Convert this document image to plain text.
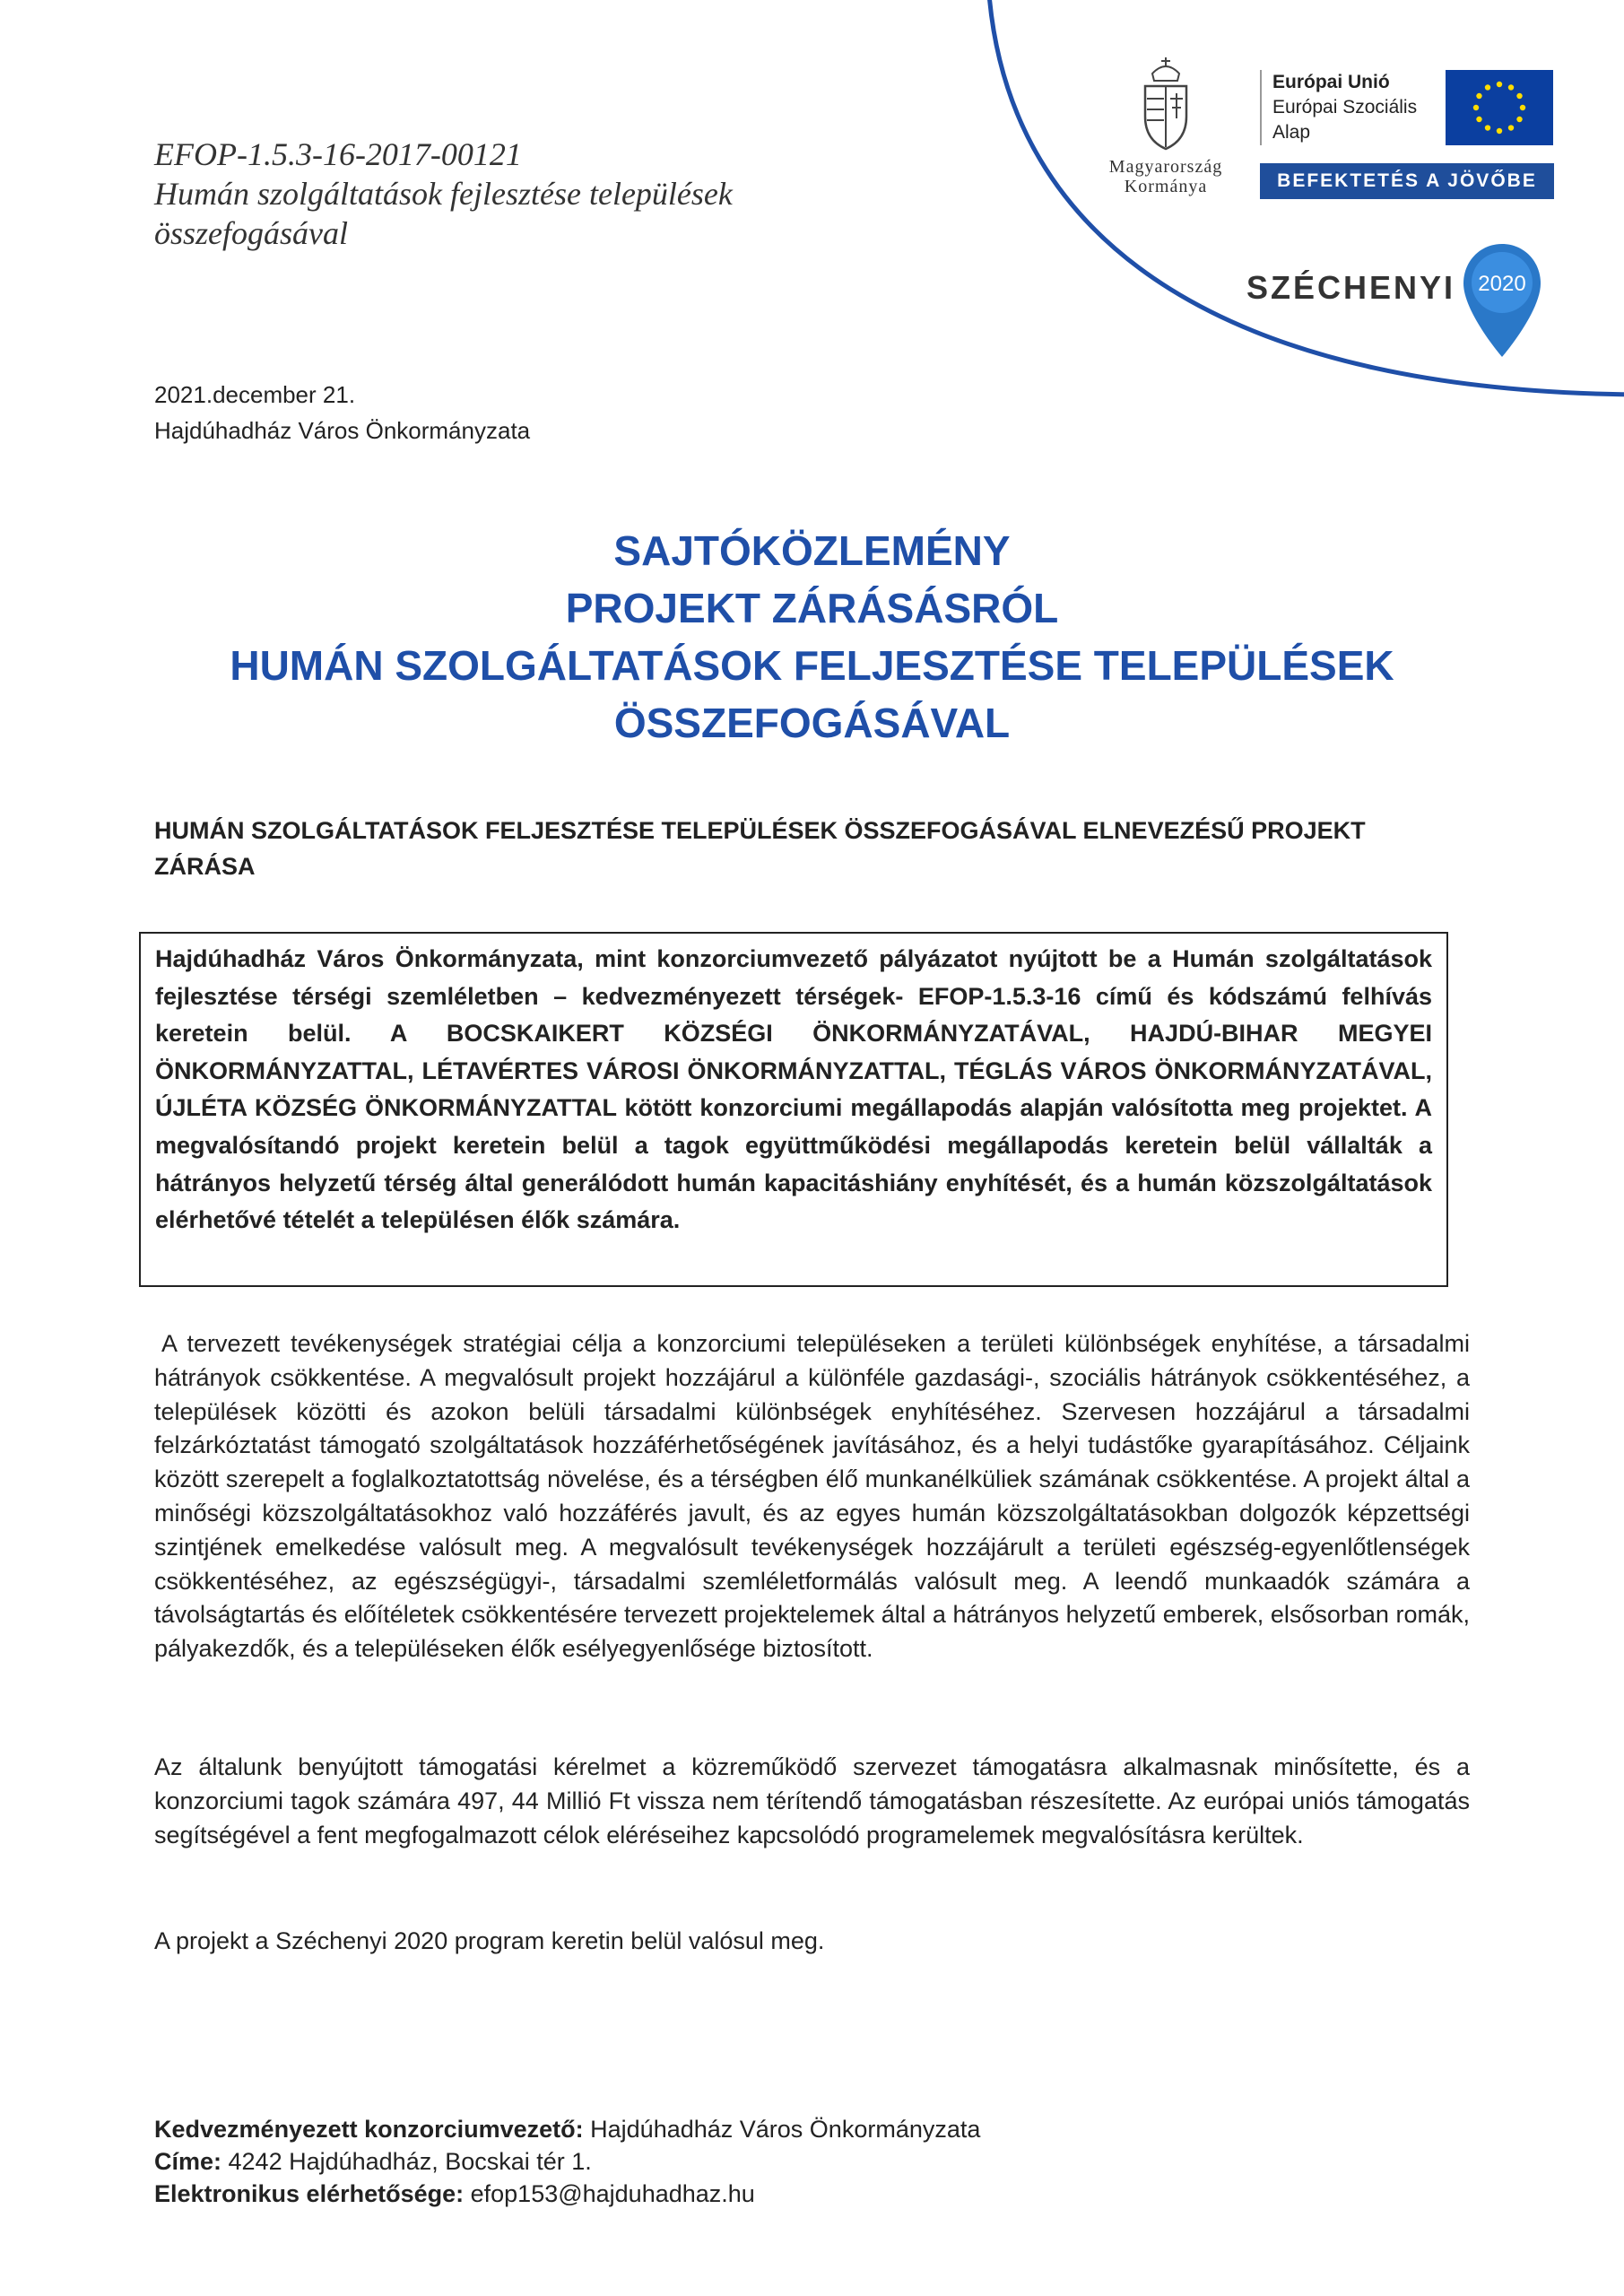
EFOP-1.5.3-16-2017-00121
Humán szolgáltatások fejlesztése települések
összefogásával
Magyarország
Kormánya
Európai Unió
Európai Szociális
Alap
BEFEKTETÉS A JÖVŐBE
SZÉCHENYI 2020
2021.december 21.
Hajdúhadház Város Önkormányzata
SAJTÓKÖZLEMÉNY
PROJEKT ZÁRÁSÁSRÓL
HUMÁN SZOLGÁLTATÁSOK FELJESZTÉSE TELEPÜLÉSEK
ÖSSZEFOGÁSÁVAL
HUMÁN SZOLGÁLTATÁSOK FELJESZTÉSE TELEPÜLÉSEK ÖSSZEFOGÁSÁVAL ELNEVEZÉSŰ PROJEKT ZÁRÁSA
Hajdúhadház Város Önkormányzata, mint konzorciumvezető pályázatot nyújtott be a Humán szolgáltatások fejlesztése térségi szemléletben – kedvezményezett térségek- EFOP-1.5.3-16 című és kódszámú felhívás keretein belül. A BOCSKAIKERT KÖZSÉGI ÖNKORMÁNYZATÁVAL, HAJDÚ-BIHAR MEGYEI ÖNKORMÁNYZATTAL, LÉTAVÉRTES VÁROSI ÖNKORMÁNYZATTAL, TÉGLÁS VÁROS ÖNKORMÁNYZATÁVAL, ÚJLÉTA KÖZSÉG ÖNKORMÁNYZATTAL kötött konzorciumi megállapodás alapján valósította meg projektet. A megvalósítandó projekt keretein belül a tagok együttműködési megállapodás keretein belül vállalták a hátrányos helyzetű térség által generálódott humán kapacitáshiány enyhítését, és a humán közszolgáltatások elérhetővé tételét a településen élők számára.

A tervezett tevékenységek stratégiai célja a konzorciumi településeken a területi különbségek enyhítése, a társadalmi hátrányok csökkentése. A megvalósult projekt hozzájárul a különféle gazdasági-, szociális hátrányok csökkentéséhez, a települések közötti és azokon belüli társadalmi különbségek enyhítéséhez. Szervesen hozzájárul a társadalmi felzárkóztatást támogató szolgáltatások hozzáférhetőségének javításához, és a helyi tudástőke gyarapításához. Céljaink között szerepelt a foglalkoztatottság növelése, és a térségben élő munkanélküliek számának csökkentése. A projekt által a minőségi közszolgáltatásokhoz való hozzáférés javult, és az egyes humán közszolgáltatásokban dolgozók képzettségi szintjének emelkedése valósult meg. A megvalósult tevékenységek hozzájárult a területi egészség-egyenlőtlenségek csökkentéséhez, az egészségügyi-, társadalmi szemléletformálás valósult meg. A leendő munkaadók számára a távolságtartás és előítéletek csökkentésére tervezett projektelemek által a hátrányos helyzetű emberek, elsősorban romák, pályakezdők, és a településeken élők esélyegyenlősége biztosított.

Az általunk benyújtott támogatási kérelmet a közreműködő szervezet támogatásra alkalmasnak minősítette, és a konzorciumi tagok számára 497, 44 Millió Ft vissza nem térítendő támogatásban részesítette. Az európai uniós támogatás segítségével a fent megfogalmazott célok eléréseihez kapcsolódó programelemek megvalósításra kerültek.

A projekt a Széchenyi 2020 program keretin belül valósul meg.

Kedvezményezett konzorciumvezető: Hajdúhadház Város Önkormányzata
Címe: 4242 Hajdúhadház, Bocskai tér 1.
Elektronikus elérhetősége: efop153@hajduhadhaz.hu
